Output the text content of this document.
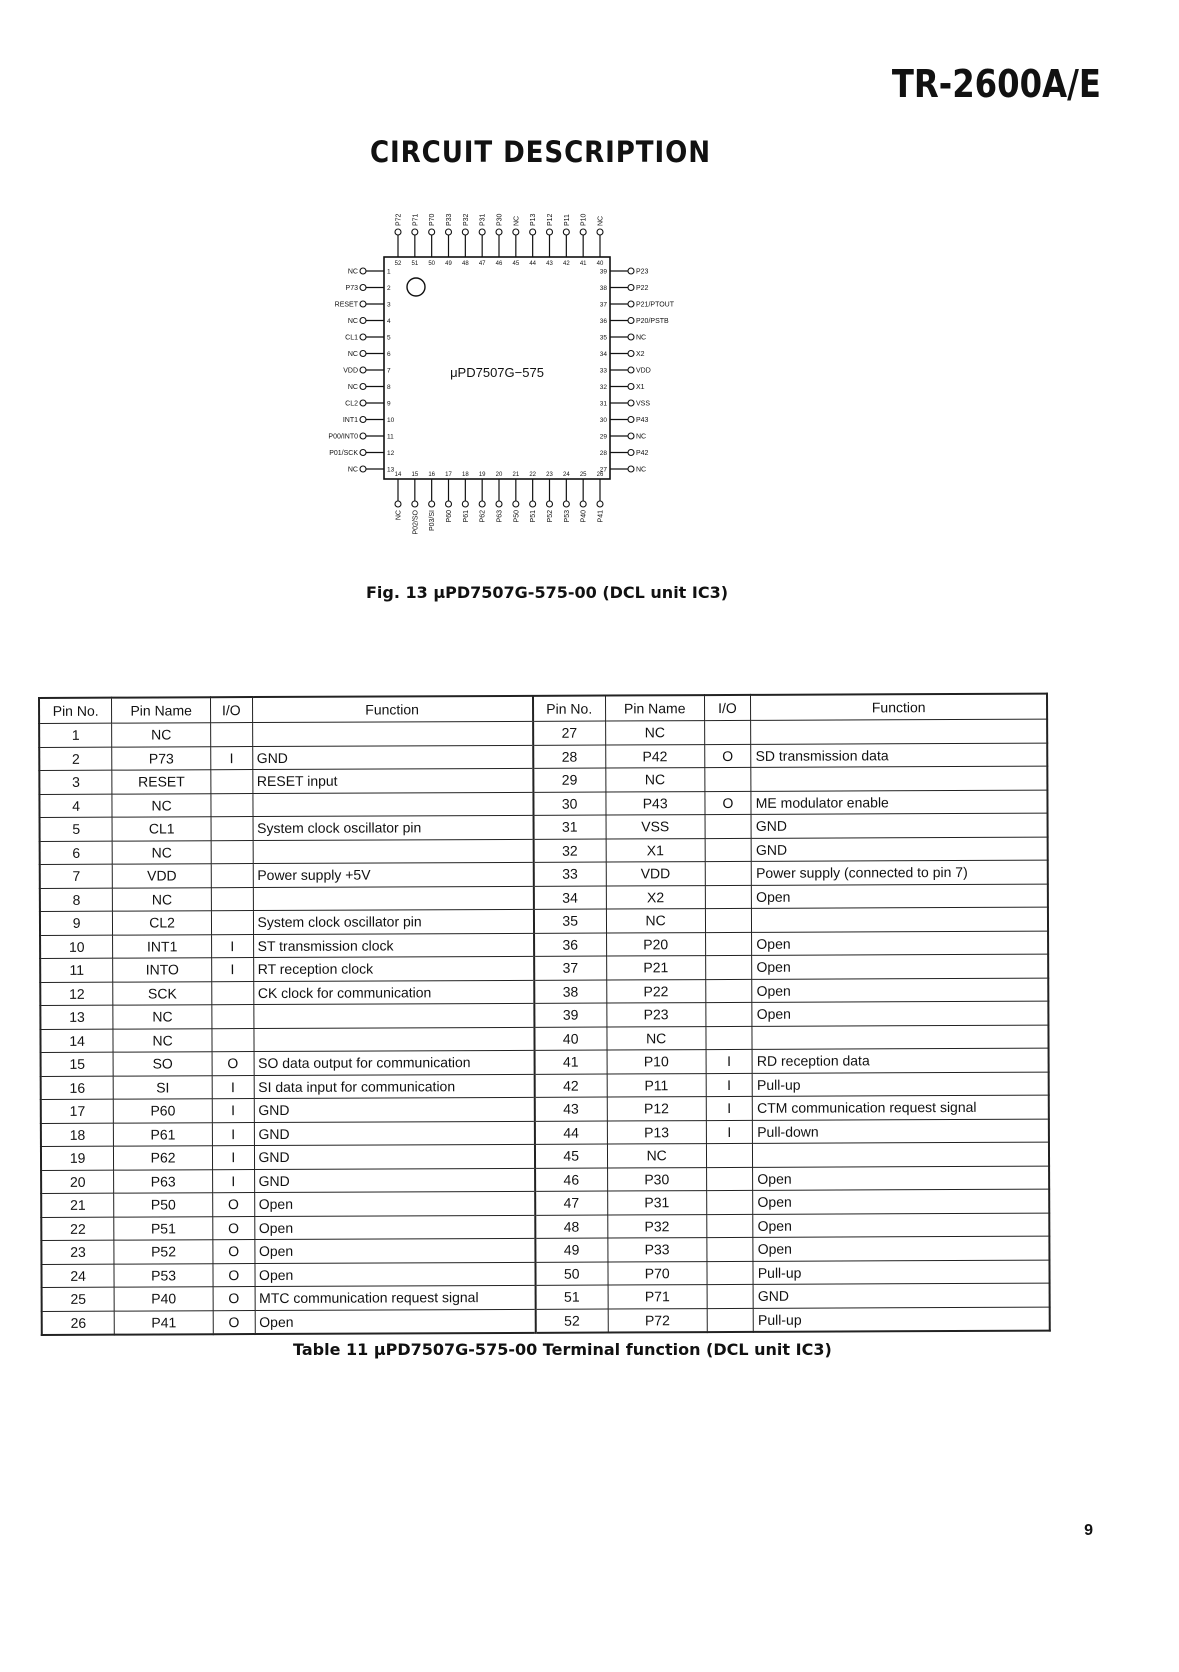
TR-2600A/E
CIRCUIT DESCRIPTION
μPD7507G−575
NC	1
P73	2
RESET	3
NC	4
CL1	5
NC	6
VDD	7
NC	8
CL2	9
INT1	10
P00/INT0	11
P01/SCK	12
NC	13
P23
39
P22
38
P21/PTOUT
37
P20/PSTB
36
NC
35
X2
34
VDD
33
X1
32
VSS
31
P43
30
NC
29
P42
28
NC
27
P72
52
P71
51
P70
50
P33
49
P32
48
P31
47
P30
46
NC
45
P13
44
P12
43
P11
42
P10
41
NC
40
NC
14
P02/SO
15
P03/SI
16
P60
17
P61
18
P62
19
P63
20
P50
21
P51
22
P52
23
P53
24
P40
25
P41
26
Fig. 13 μPD7507G-575-00 (DCL unit IC3)
Pin No.	Pin Name	I/O	Function	Pin No.	Pin Name	I/O	Function
1	NC			27	NC		
2	P73	I	GND	28	P42	O	SD transmission data
3	RESET		RESET input	29	NC		
4	NC			30	P43	O	ME modulator enable
5	CL1		System clock oscillator pin	31	VSS		GND
6	NC			32	X1		GND
7	VDD		Power supply +5V	33	VDD		Power supply (connected to pin 7)
8	NC			34	X2		Open
9	CL2		System clock oscillator pin	35	NC		
10	INT1	I	ST transmission clock	36	P20		Open
11	INTO	I	RT reception clock	37	P21		Open
12	SCK		CK clock for communication	38	P22		Open
13	NC			39	P23		Open
14	NC			40	NC		
15	SO	O	SO data output for communication	41	P10	I	RD reception data
16	SI	I	SI data input for communication	42	P11	I	Pull-up
17	P60	I	GND	43	P12	I	CTM communication request signal
18	P61	I	GND	44	P13	I	Pull-down
19	P62	I	GND	45	NC		
20	P63	I	GND	46	P30		Open
21	P50	O	Open	47	P31		Open
22	P51	O	Open	48	P32		Open
23	P52	O	Open	49	P33		Open
24	P53	O	Open	50	P70		Pull-up
25	P40	O	MTC communication request signal	51	P71		GND
26	P41	O	Open	52	P72		Pull-up
Table 11 μPD7507G-575-00 Terminal function (DCL unit IC3)
9
